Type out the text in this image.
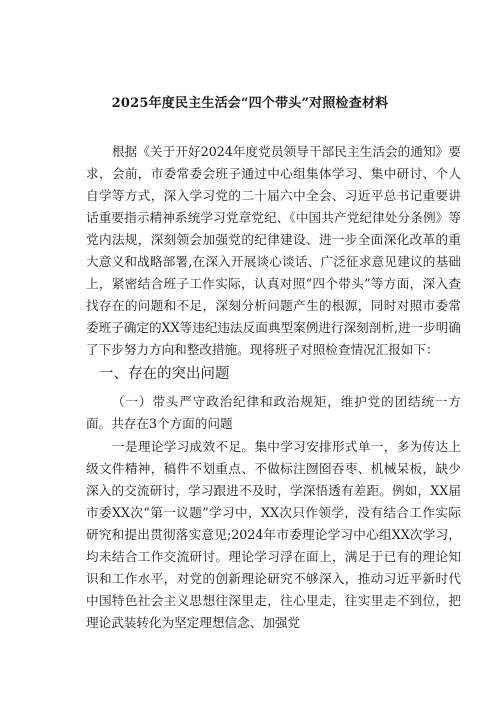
2025年度民主生活会“四个带头”对照检查材料

根据《关于开好2024年度党员领导干部民主生活会的通知》要求，会前，市委常委会班子通过中心组集体学习、集中研讨、个人自学等方式，深入学习党的二十届六中全会、习近平总书记重要讲话重要指示精神系统学习党章党纪、《中国共产党纪律处分条例》等党内法规，深刻领会加强党的纪律建设、进一步全面深化改革的重大意义和战略部署,在深入开展谈心谈话、广泛征求意见建议的基础上，紧密结合班子工作实际，认真对照“四个带头”等方面，深入查找存在的问题和不足，深刻分析问题产生的根源，同时对照市委常委班子确定的XX等违纪违法反面典型案例进行深刻剖析,进一步明确了下步努力方向和整改措施。现将班子对照检查情况汇报如下：

一、存在的突出问题

（一）带头严守政治纪律和政治规矩，维护党的团结统一方面。共存在3个方面的问题

一是理论学习成效不足。集中学习安排形式单一，多为传达上级文件精神，稿件不划重点、不做标注囫囵吞枣、机械呆板，缺少深入的交流研讨，学习跟进不及时，学深悟透有差距。例如，XX届市委XX次“第一议题”学习中，XX次只作领学，没有结合工作实际研究和提出贯彻落实意见;2024年市委理论学习中心组XX次学习，均未结合工作交流研讨。理论学习浮在面上，满足于已有的理论知识和工作水平，对党的创新理论研究不够深入，推动习近平新时代中国特色社会主义思想往深里走，往心里走，往实里走不到位，把理论武装转化为坚定理想信念、加强党
